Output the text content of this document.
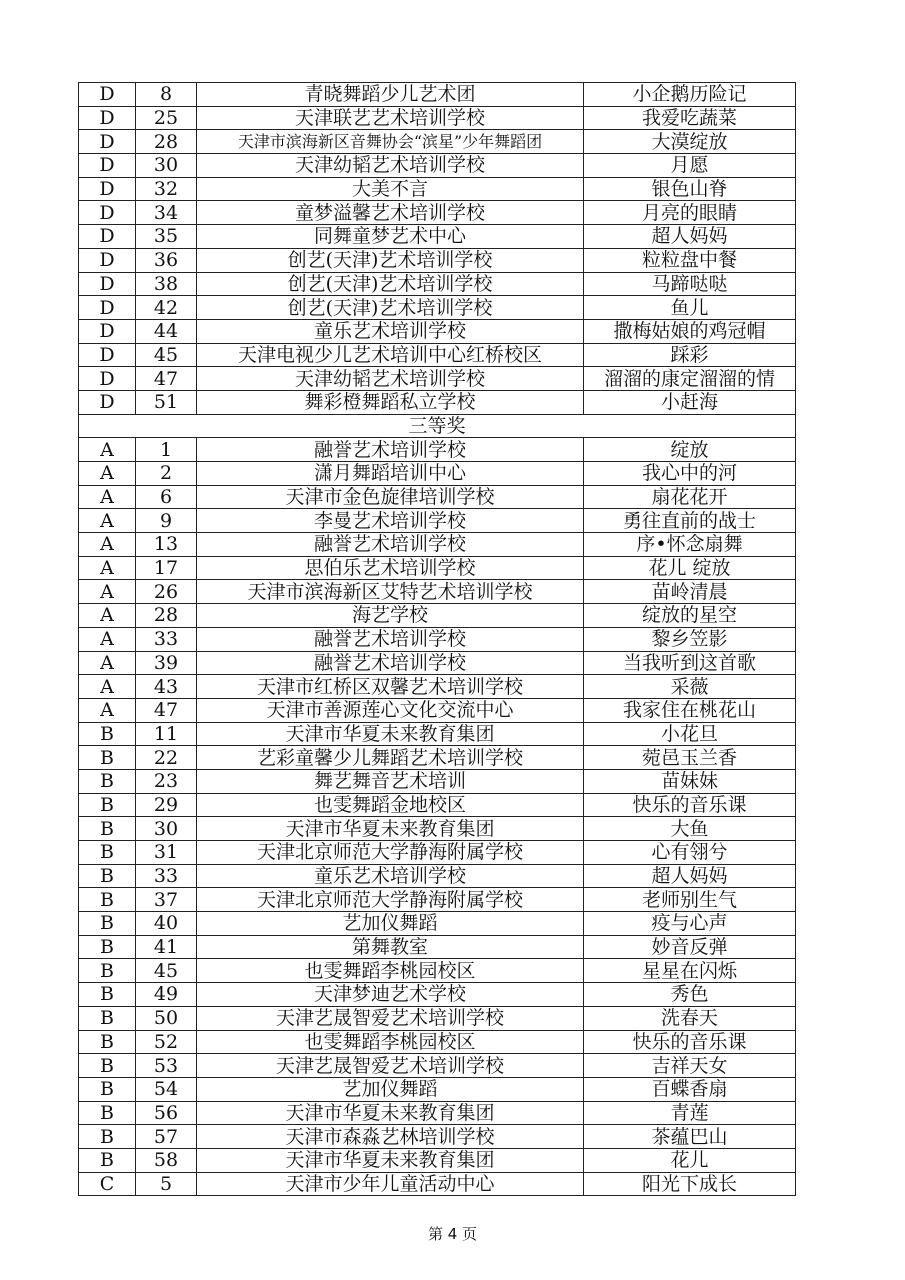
D	8	青晓舞蹈少儿艺术团	小企鹅历险记
D	25	天津联艺艺术培训学校	我爱吃蔬菜
D	28	天津市滨海新区音舞协会“滨星”少年舞蹈团	大漠绽放
D	30	天津幼韬艺术培训学校	月愿
D	32	大美不言	银色山脊
D	34	童梦溢馨艺术培训学校	月亮的眼睛
D	35	同舞童梦艺术中心	超人妈妈
D	36	创艺(天津)艺术培训学校	粒粒盘中餐
D	38	创艺(天津)艺术培训学校	马蹄哒哒
D	42	创艺(天津)艺术培训学校	鱼儿
D	44	童乐艺术培训学校	撒梅姑娘的鸡冠帽
D	45	天津电视少儿艺术培训中心红桥校区	踩彩
D	47	天津幼韬艺术培训学校	溜溜的康定溜溜的情
D	51	舞彩橙舞蹈私立学校	小赶海
三等奖			
A	1	融誉艺术培训学校	绽放
A	2	潇月舞蹈培训中心	我心中的河
A	6	天津市金色旋律培训学校	扇花花开
A	9	李曼艺术培训学校	勇往直前的战士
A	13	融誉艺术培训学校	序•怀念扇舞
A	17	思伯乐艺术培训学校	花儿 绽放
A	26	天津市滨海新区艾特艺术培训学校	苗岭清晨
A	28	海艺学校	绽放的星空
A	33	融誉艺术培训学校	黎乡笠影
A	39	融誉艺术培训学校	当我听到这首歌
A	43	天津市红桥区双馨艺术培训学校	采薇
A	47	天津市善源莲心文化交流中心	我家住在桃花山
B	11	天津市华夏未来教育集团	小花旦
B	22	艺彩童馨少儿舞蹈艺术培训学校	菀邑玉兰香
B	23	舞艺舞音艺术培训	苗妹妹
B	29	也雯舞蹈金地校区	快乐的音乐课
B	30	天津市华夏未来教育集团	大鱼
B	31	天津北京师范大学静海附属学校	心有翎兮
B	33	童乐艺术培训学校	超人妈妈
B	37	天津北京师范大学静海附属学校	老师别生气
B	40	艺加仪舞蹈	疫与心声
B	41	第舞教室	妙音反弹
B	45	也雯舞蹈李桃园校区	星星在闪烁
B	49	天津梦迪艺术学校	秀色
B	50	天津艺晟智爱艺术培训学校	洗春天
B	52	也雯舞蹈李桃园校区	快乐的音乐课
B	53	天津艺晟智爱艺术培训学校	吉祥天女
B	54	艺加仪舞蹈	百蝶香扇
B	56	天津市华夏未来教育集团	青莲
B	57	天津市森淼艺林培训学校	茶蕴巴山
B	58	天津市华夏未来教育集团	花儿
C	5	天津市少年儿童活动中心	阳光下成长
第 4 页
